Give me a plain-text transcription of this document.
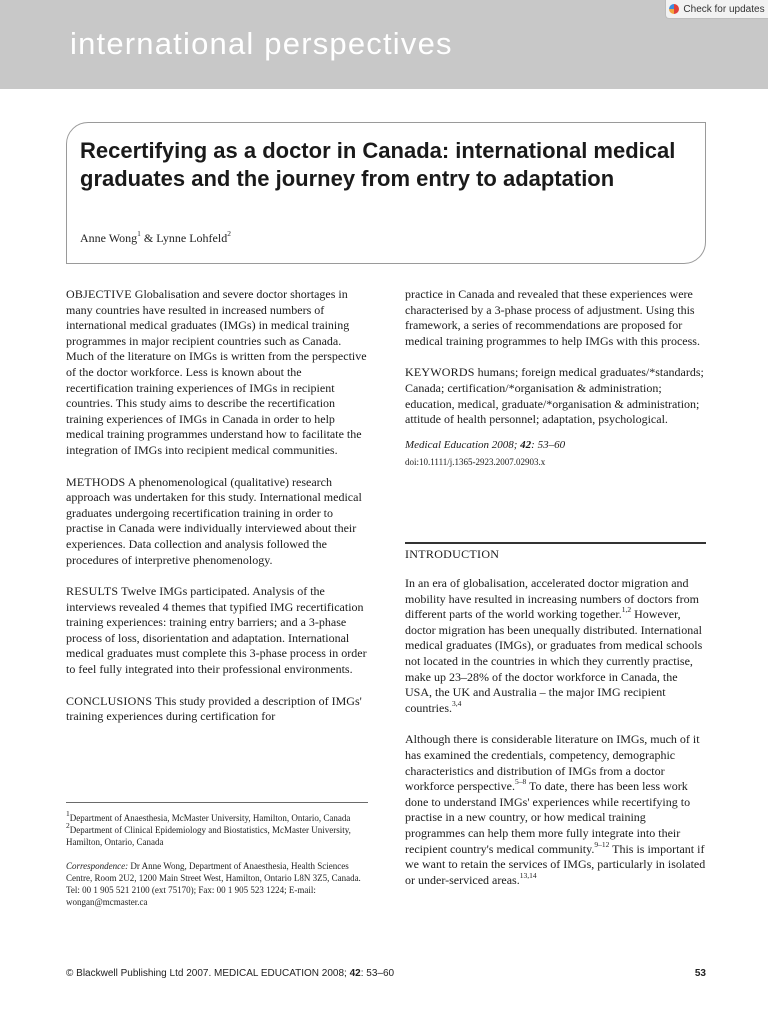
international perspectives
Check for updates
Recertifying as a doctor in Canada: international medical graduates and the journey from entry to adaptation
Anne Wong$^1$ & Lynne Lohfeld$^2$

OBJECTIVE Globalisation and severe doctor shortages in many countries have resulted in increased numbers of international medical graduates (IMGs) in medical training programmes in major recipient countries such as Canada. Much of the literature on IMGs is written from the perspective of the doctor workforce. Less is known about the recertification training experiences of IMGs in recipient countries. This study aims to describe the recertification training experiences of IMGs in Canada in order to help medical training programmes understand how to facilitate the integration of IMGs into recipient medical communities.

METHODS A phenomenological (qualitative) research approach was undertaken for this study. International medical graduates undergoing recertification training in order to practise in Canada were individually interviewed about their experiences. Data collection and analysis followed the procedures of interpretive phenomenology.

RESULTS Twelve IMGs participated. Analysis of the interviews revealed 4 themes that typified IMG recertification training experiences: training entry barriers; and a 3-phase process of loss, disorientation and adaptation. International medical graduates must complete this 3-phase process in order to feel fully integrated into their professional environments.

CONCLUSIONS This study provided a description of IMGs' training experiences during certification for

$^1$Department of Anaesthesia, McMaster University, Hamilton, Ontario, Canada

$^2$Department of Clinical Epidemiology and Biostatistics, McMaster University, Hamilton, Ontario, Canada

Correspondence: Dr Anne Wong, Department of Anaesthesia, Health Sciences Centre, Room 2U2, 1200 Main Street West, Hamilton, Ontario L8N 3Z5, Canada. Tel: 00 1 905 521 2100 (ext 75170); Fax: 00 1 905 523 1224; E-mail: wongan@mcmaster.ca

practice in Canada and revealed that these experiences were characterised by a 3-phase process of adjustment. Using this framework, a series of recommendations are proposed for medical training programmes to help IMGs with this process.

KEYWORDS humans; foreign medical graduates/*standards; Canada; certification/*organisation & administration; education, medical, graduate/*organisation & administration; attitude of health personnel; adaptation, psychological.

Medical Education 2008; 42: 53–60

doi:10.1111/j.1365-2923.2007.02903.x

INTRODUCTION

In an era of globalisation, accelerated doctor migration and mobility have resulted in increasing numbers of doctors from different parts of the world working together.$^{1,2}$ However, doctor migration has been unequally distributed. International medical graduates (IMGs), or graduates from medical schools not located in the countries in which they currently practise, make up 23–28% of the doctor workforce in Canada, the USA, the UK and Australia – the major IMG recipient countries.$^{3,4}$

Although there is considerable literature on IMGs, much of it has examined the credentials, competency, demographic characteristics and distribution of IMGs from a doctor workforce perspective.$^{5-8}$ To date, there has been less work done to understand IMGs' experiences while recertifying to practise in a new country, or how medical training programmes can help them more fully integrate into their recipient country's medical community.$^{9-12}$ This is important if we want to retain the services of IMGs, particularly in isolated or under-serviced areas.$^{13,14}$

© Blackwell Publishing Ltd 2007. MEDICAL EDUCATION 2008; 42: 53–60	53
